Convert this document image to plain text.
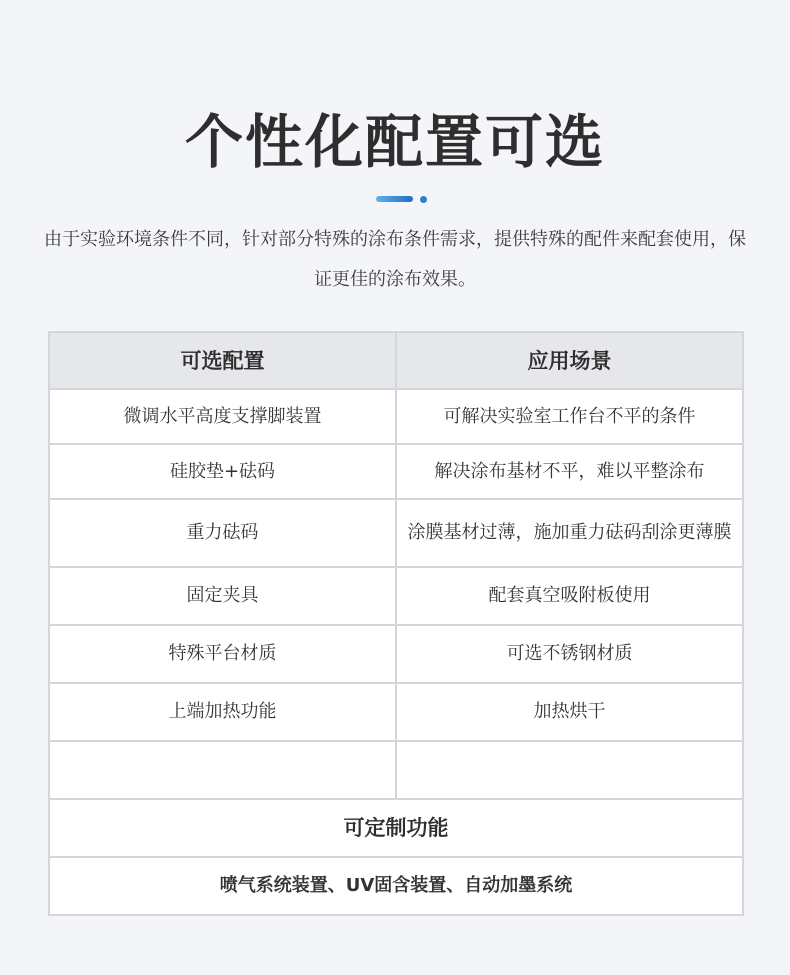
个性化配置可选
由于实验环境条件不同，针对部分特殊的涂布条件需求，提供特殊的配件来配套使用，保证更佳的涂布效果。
可选配置	应用场景
微调水平高度支撑脚装置	可解决实验室工作台不平的条件
硅胶垫+砝码	解决涂布基材不平，难以平整涂布
重力砝码	涂膜基材过薄，施加重力砝码刮涂更薄膜
固定夹具	配套真空吸附板使用
特殊平台材质	可选不锈钢材质
上端加热功能	加热烘干

可定制功能	
喷气系统装置、UV固含装置、自动加墨系统	
